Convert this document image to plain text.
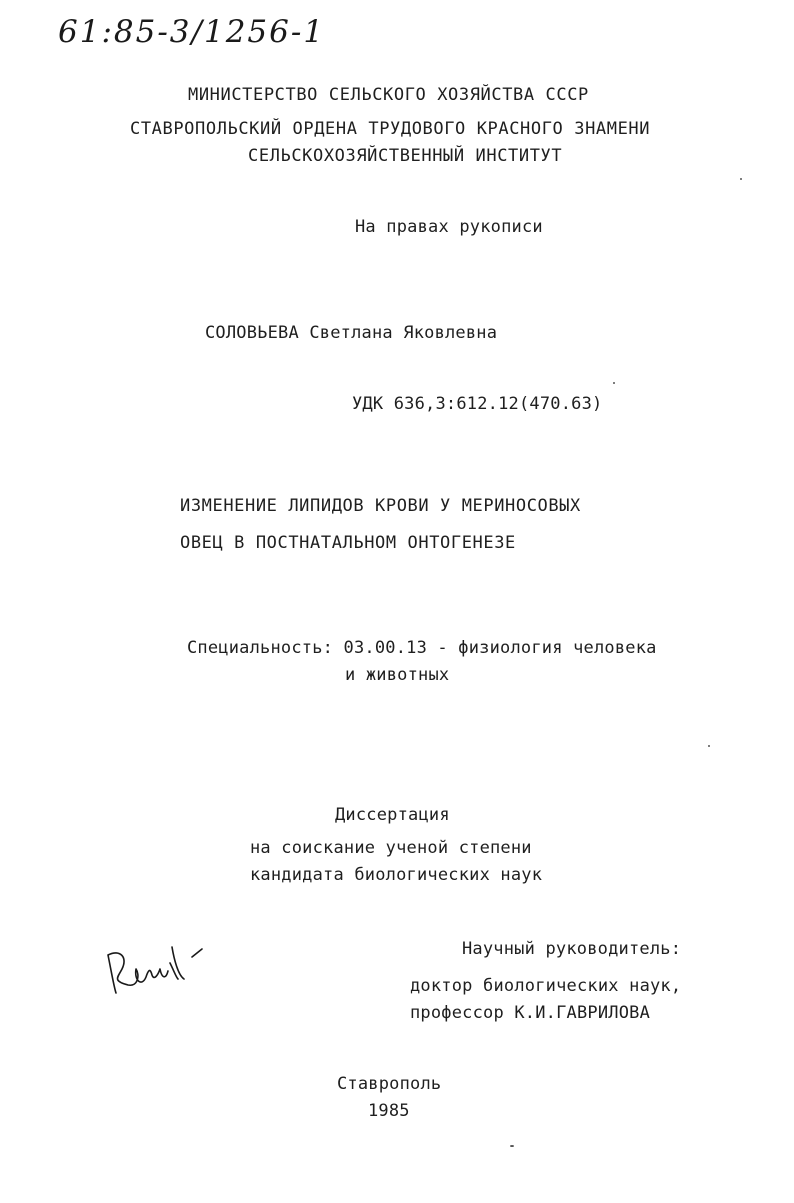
61:85-3/1256-1
МИНИСТЕРСТВО СЕЛЬСКОГО ХОЗЯЙСТВА СССР
СТАВРОПОЛЬСКИЙ ОРДЕНА ТРУДОВОГО КРАСНОГО ЗНАМЕНИ
СЕЛЬСКОХОЗЯЙСТВЕННЫЙ ИНСТИТУТ
На правах рукописи
СОЛОВЬЕВА Светлана Яковлевна
УДК 636,3:612.12(470.63)
ИЗМЕНЕНИЕ ЛИПИДОВ КРОВИ У МЕРИНОСОВЫХ
ОВЕЦ В ПОСТНАТАЛЬНОМ ОНТОГЕНЕЗЕ
Специальность: 03.00.13 - физиология человека
и животных
Диссертация
на соискание ученой степени
кандидата биологических наук
Научный руководитель:
доктор биологических наук,
профессор К.И.ГАВРИЛОВА
Ставрополь
1985
